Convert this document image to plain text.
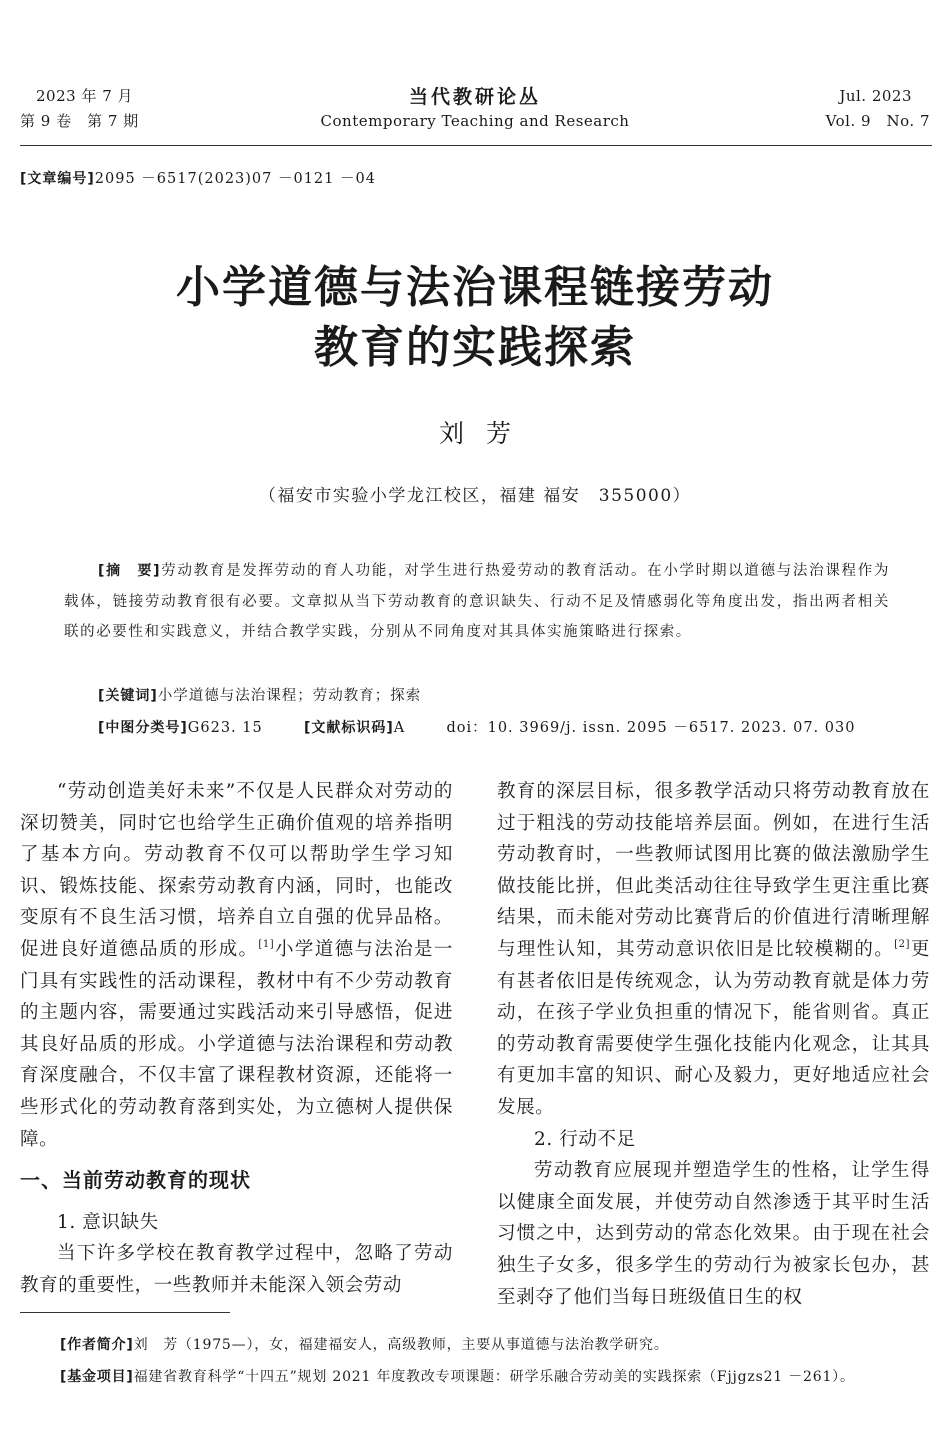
2023 年 7 月
第 9 卷　第 7 期
当代教研论丛
Contemporary Teaching and Research
Jul. 2023
Vol. 9　No. 7
[文章编号]2095 －6517(2023)07 －0121 －04
小学道德与法治课程链接劳动
教育的实践探索
刘芳
（福安市实验小学龙江校区，福建 福安　355000）
[摘　要]劳动教育是发挥劳动的育人功能，对学生进行热爱劳动的教育活动。在小学时期以道德与法治课程作为载体，链接劳动教育很有必要。文章拟从当下劳动教育的意识缺失、行动不足及情感弱化等角度出发，指出两者相关联的必要性和实践意义，并结合教学实践，分别从不同角度对其具体实施策略进行探索。
[关键词]小学道德与法治课程；劳动教育；探索
[中图分类号]G623. 15	[文献标识码]A	doi：10. 3969/j. issn. 2095 －6517. 2023. 07. 030

“劳动创造美好未来”不仅是人民群众对劳动的深切赞美，同时它也给学生正确价值观的培养指明了基本方向。劳动教育不仅可以帮助学生学习知识、锻炼技能、探索劳动教育内涵，同时，也能改变原有不良生活习惯，培养自立自强的优异品格。促进良好道德品质的形成。[1]小学道德与法治是一门具有实践性的活动课程，教材中有不少劳动教育的主题内容，需要通过实践活动来引导感悟，促进其良好品质的形成。小学道德与法治课程和劳动教育深度融合，不仅丰富了课程教材资源，还能将一些形式化的劳动教育落到实处，为立德树人提供保障。

一、当前劳动教育的现状

1. 意识缺失

当下许多学校在教育教学过程中，忽略了劳动教育的重要性，一些教师并未能深入领会劳动

教育的深层目标，很多教学活动只将劳动教育放在过于粗浅的劳动技能培养层面。例如，在进行生活劳动教育时，一些教师试图用比赛的做法激励学生做技能比拼，但此类活动往往导致学生更注重比赛结果，而未能对劳动比赛背后的价值进行清晰理解与理性认知，其劳动意识依旧是比较模糊的。[2]更有甚者依旧是传统观念，认为劳动教育就是体力劳动，在孩子学业负担重的情况下，能省则省。真正的劳动教育需要使学生强化技能内化观念，让其具有更加丰富的知识、耐心及毅力，更好地适应社会发展。

2. 行动不足

劳动教育应展现并塑造学生的性格，让学生得以健康全面发展，并使劳动自然渗透于其平时生活习惯之中，达到劳动的常态化效果。由于现在社会独生子女多，很多学生的劳动行为被家长包办，甚至剥夺了他们当每日班级值日生的权

[作者简介]刘　芳（1975—），女，福建福安人，高级教师，主要从事道德与法治教学研究。
[基金项目]福建省教育科学“十四五”规划 2021 年度教改专项课题：研学乐融合劳动美的实践探索（Fjjgzs21 －261）。
